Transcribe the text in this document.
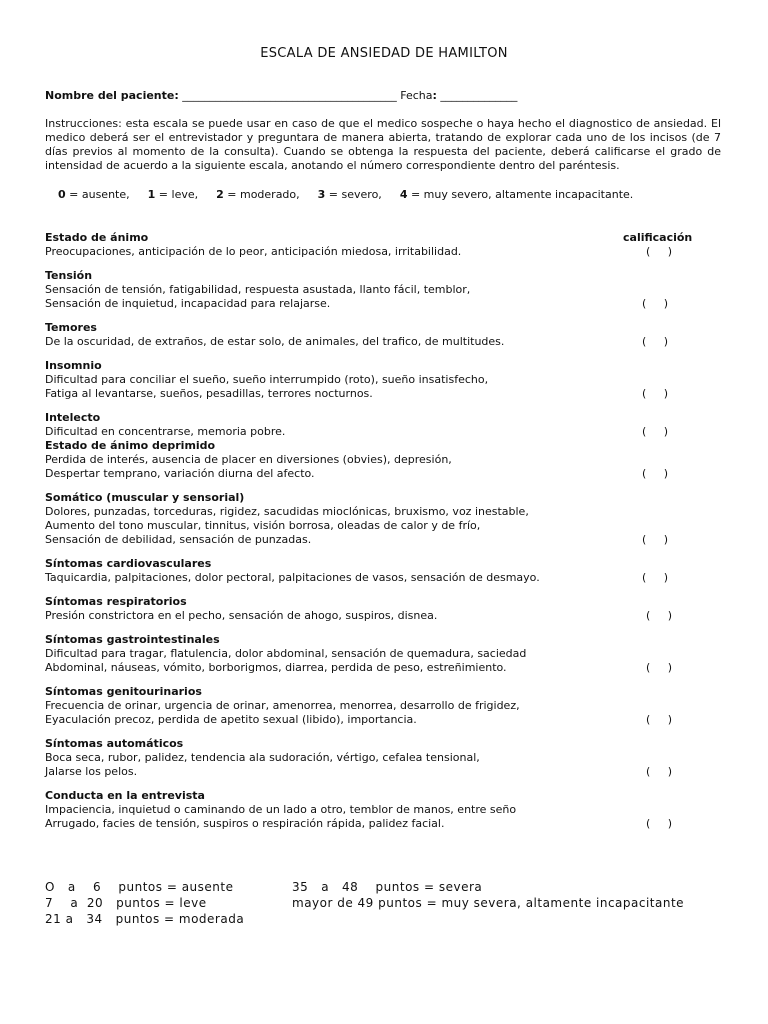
ESCALA DE ANSIEDAD DE HAMILTON
Nombre del paciente: _______________________________________ Fecha: ______________
Instrucciones: esta escala se puede usar en caso de que el medico sospeche o haya hecho el diagnostico de ansiedad. El medico deberá ser el entrevistador y preguntara de manera abierta, tratando de explorar cada uno de los incisos (de 7 días previos al momento de la consulta). Cuando se obtenga la respuesta del paciente, deberá calificarse el grado de intensidad de acuerdo a la siguiente escala, anotando el número correspondiente dentro del paréntesis.
0 = ausente, 1 = leve, 2 = moderado, 3 = severo, 4 = muy severo, altamente incapacitante.
calificación
Estado de ánimo
Preocupaciones, anticipación de lo peor, anticipación miedosa, irritabilidad.	(     )
Tensión
Sensación de tensión, fatigabilidad, respuesta asustada, llanto fácil, temblor,
Sensación de inquietud, incapacidad para relajarse.	(     )
Temores
De la oscuridad, de extraños, de estar solo, de animales, del trafico, de multitudes.	(     )
Insomnio
Dificultad para conciliar el sueño, sueño interrumpido (roto), sueño insatisfecho,
Fatiga al levantarse, sueños, pesadillas, terrores nocturnos.	(     )
Intelecto
Dificultad en concentrarse, memoria pobre.	(     )
Estado de ánimo deprimido
Perdida de interés, ausencia de placer en diversiones (obvies), depresión,
Despertar temprano, variación diurna del afecto.	(     )
Somático (muscular y sensorial)
Dolores, punzadas, torceduras, rigidez, sacudidas mioclónicas, bruxismo, voz inestable,
Aumento del tono muscular, tinnitus, visión borrosa, oleadas de calor y de frío,
Sensación de debilidad, sensación de punzadas.	(     )
Síntomas cardiovasculares
Taquicardia, palpitaciones, dolor pectoral, palpitaciones de vasos, sensación de desmayo.	(     )
Síntomas respiratorios
Presión constrictora en el pecho, sensación de ahogo, suspiros, disnea.	(     )
Síntomas gastrointestinales
Dificultad para tragar, flatulencia, dolor abdominal, sensación de quemadura, saciedad
Abdominal, náuseas, vómito, borborigmos, diarrea, perdida de peso, estreñimiento.	(     )
Síntomas genitourinarios
Frecuencia de orinar, urgencia de orinar, amenorrea, menorrea, desarrollo de frigidez,
Eyaculación precoz, perdida de apetito sexual (libido), importancia.	(     )
Síntomas automáticos
Boca seca, rubor, palidez, tendencia ala sudoración, vértigo, cefalea tensional,
Jalarse los pelos.	(     )
Conducta en la entrevista
Impaciencia, inquietud o caminando de un lado a otro, temblor de manos, entre seño
Arrugado, facies de tensión, suspiros o respiración rápida, palidez facial.	(     )
O   a    6    puntos = ausente	35   a   48    puntos = severa
7    a  20   puntos = leve	mayor de 49 puntos = muy severa, altamente incapacitante
21 a   34   puntos = moderada
